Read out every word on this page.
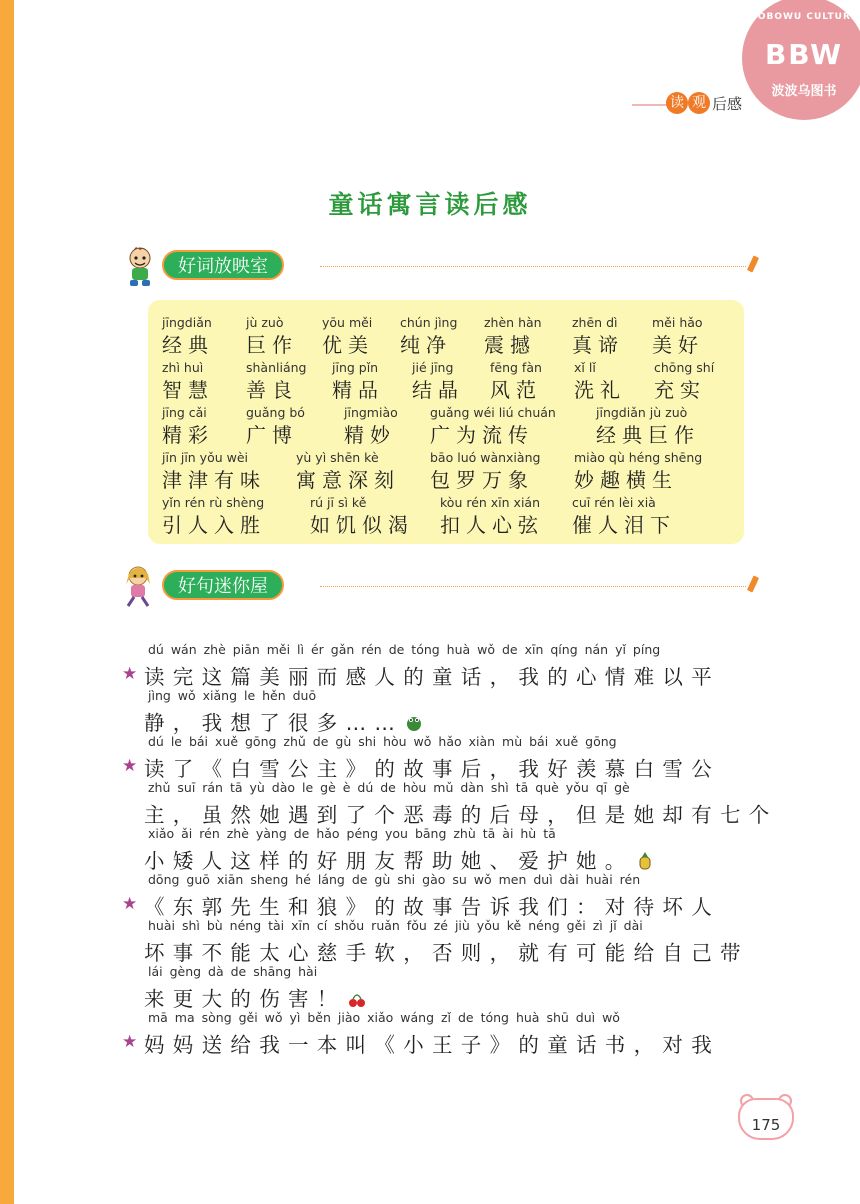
BOBOWU CULTURE
BBW
波波乌图书
读 观 后感
童话寓言读后感
好词放映室
jīngdiǎn
经典
jù zuò
巨作
yōu měi
优美
chún jìng
纯净
zhèn hàn
震撼
zhēn dì
真谛
měi hǎo
美好
zhì huì
智慧
shànliáng
善良
jīng pǐn
精品
jié jīng
结晶
fēng fàn
风范
xǐ lǐ
洗礼
chōng shí
充实
jīng cǎi
精彩
guǎng bó
广博
jīngmiào
精妙
guǎng wéi liú chuán
广为流传
jīngdiǎn jù zuò
经典巨作
jīn jīn yǒu wèi
津津有味
yù yì shēn kè
寓意深刻
bāo luó wànxiàng
包罗万象
miào qù héng shēng
妙趣横生
yǐn rén rù shèng
引人入胜
rú jī sì kě
如饥似渴
kòu rén xīn xián
扣人心弦
cuī rén lèi xià
催人泪下
好句迷你屋
★
dú wán zhè piān měi lì ér gǎn rén de tóng huà wǒ de xīn qíng nán yǐ píng
读完这篇美丽而感人的童话，我的心情难以平
jìng wǒ xiǎng le hěn duō
静，我想了很多……
★
dú le bái xuě gōng zhǔ de gù shi hòu wǒ hǎo xiàn mù bái xuě gōng
读了《白雪公主》的故事后，我好羡慕白雪公
zhǔ suī rán tā yù dào le gè è dú de hòu mǔ dàn shì tā què yǒu qī gè
主，虽然她遇到了个恶毒的后母，但是她却有七个
xiǎo ǎi rén zhè yàng de hǎo péng you bāng zhù tā ài hù tā
小矮人这样的好朋友帮助她、爱护她。
★
dōng guō xiān sheng hé láng de gù shi gào su wǒ men duì dài huài rén
《东郭先生和狼》的故事告诉我们：对待坏人
huài shì bù néng tài xīn cí shǒu ruǎn fǒu zé jiù yǒu kě néng gěi zì jǐ dài
坏事不能太心慈手软，否则，就有可能给自己带
lái gèng dà de shāng hài
来更大的伤害！
★
mā ma sòng gěi wǒ yì běn jiào xiǎo wáng zǐ de tóng huà shū duì wǒ
妈妈送给我一本叫《小王子》的童话书，对我
175
